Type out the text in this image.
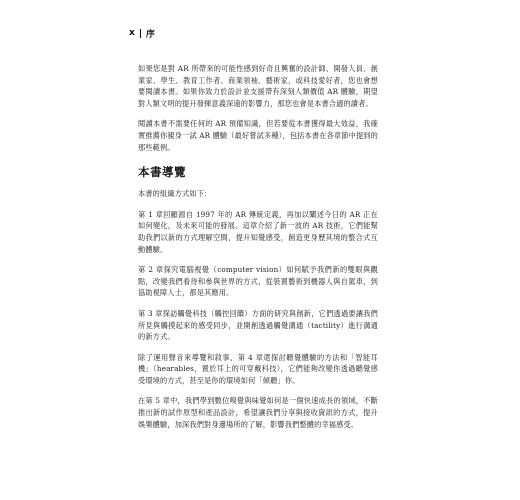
x 序

如果您是對 AR 所帶來的可能性感到好奇且興奮的設計師、開發人員、創業家、學生、教育工作者、商業領袖、藝術家，或科技愛好者，您也會想要閱讀本書。如果你致力於設計並支援帶有深刻人類價值 AR 體驗，期望對人類文明的提升發揮意義深遠的影響力，那您也會是本書合適的讀者。

閱讀本書不需要任何的 AR 預備知識，但若要從本書獲得最大效益，我確實推薦你親身一試 AR 體驗（最好嘗試多種），包括本書在各章節中提到的那些範例。

本書導覽

本書的組織方式如下：

第 1 章回顧源自 1997 年的 AR 傳統定義，再加以闡述今日的 AR 正在如何變化，及未來可能的發展。這章介紹了新一波的 AR 技術，它們能幫助我們以新的方式理解空間，提升知覺感受，創造更身歷其境的整合式互動體驗。

第 2 章探究電腦視覺（computer vision）如何賦予我們新的雙眼與觀點，改變我們看待和參與世界的方式，從裝置藝術到機器人與自駕車，到協助視障人士，都是其應用。

第 3 章探訪觸覺科技（觸控回饋）方面的研究與創新，它們透過要讓我們所見與觸摸起來的感受同步，並開創透過觸覺溝通（tactility）進行溝通的新方式。

除了運用聲音來導覽和敘事，第 4 章還探討聽覺體驗的方法和「智能耳機」（hearables，置於耳上的可穿戴科技），它們能夠改變你透過聽覺感受環境的方式，甚至是你的環境如何「傾聽」你。

在第 5 章中，我們學到數位嗅覺與味覺如何是一個快速成長的領域，不斷推出新的試作原型和產品設計，希望讓我們分享與接收資訊的方式，提升娛樂體驗，加深我們對身邊場所的了解，影響我們整體的幸福感受。
